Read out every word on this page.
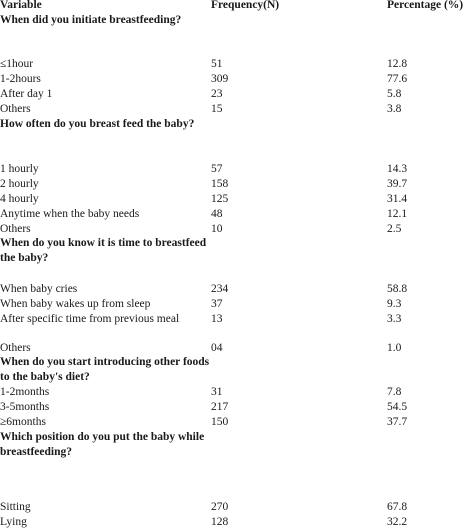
Variable	Frequency(N)	Percentage (%)
When did you initiate breastfeeding?
≤1hour	51	12.8
1-2hours	309	77.6
After day 1	23	5.8
Others	15	3.8
How often do you breast feed the baby?
1 hourly	57	14.3
2 hourly	158	39.7
4 hourly	125	31.4
Anytime when the baby needs	48	12.1
Others	10	2.5
When do you know it is time to breastfeed the baby?
When baby cries	234	58.8
When baby wakes up from sleep	37	9.3
After specific time from previous meal	13	3.3
Others	04	1.0
When do you start introducing other foods to the baby's diet?
1-2months	31	7.8
3-5months	217	54.5
≥6months	150	37.7
Which position do you put the baby while breastfeeding?
Sitting	270	67.8
Lying	128	32.2
